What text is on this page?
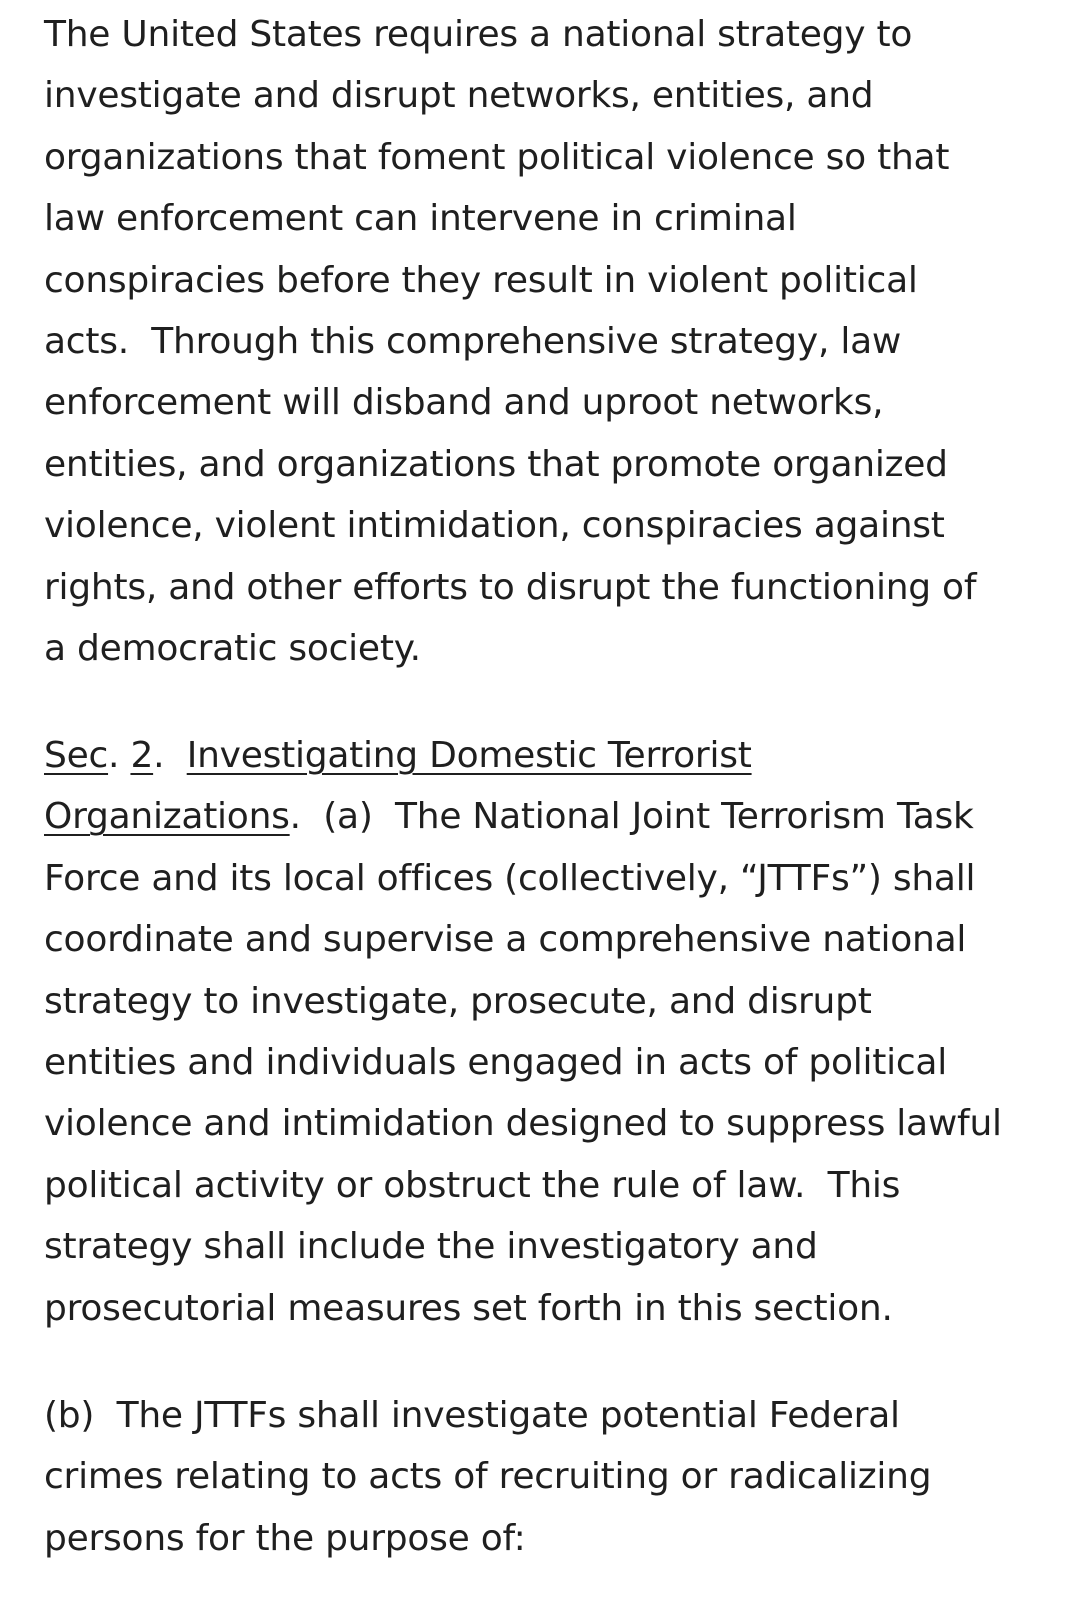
The United States requires a national strategy to
investigate and disrupt networks, entities, and
organizations that foment political violence so that
law enforcement can intervene in criminal
conspiracies before they result in violent political
acts.  Through this comprehensive strategy, law
enforcement will disband and uproot networks,
entities, and organizations that promote organized
violence, violent intimidation, conspiracies against
rights, and other efforts to disrupt the functioning of
a democratic society.

Sec. 2.  Investigating Domestic Terrorist
Organizations.  (a)  The National Joint Terrorism Task
Force and its local offices (collectively, “JTTFs”) shall
coordinate and supervise a comprehensive national
strategy to investigate, prosecute, and disrupt
entities and individuals engaged in acts of political
violence and intimidation designed to suppress lawful
political activity or obstruct the rule of law.  This
strategy shall include the investigatory and
prosecutorial measures set forth in this section.

(b)  The JTTFs shall investigate potential Federal
crimes relating to acts of recruiting or radicalizing
persons for the purpose of:
